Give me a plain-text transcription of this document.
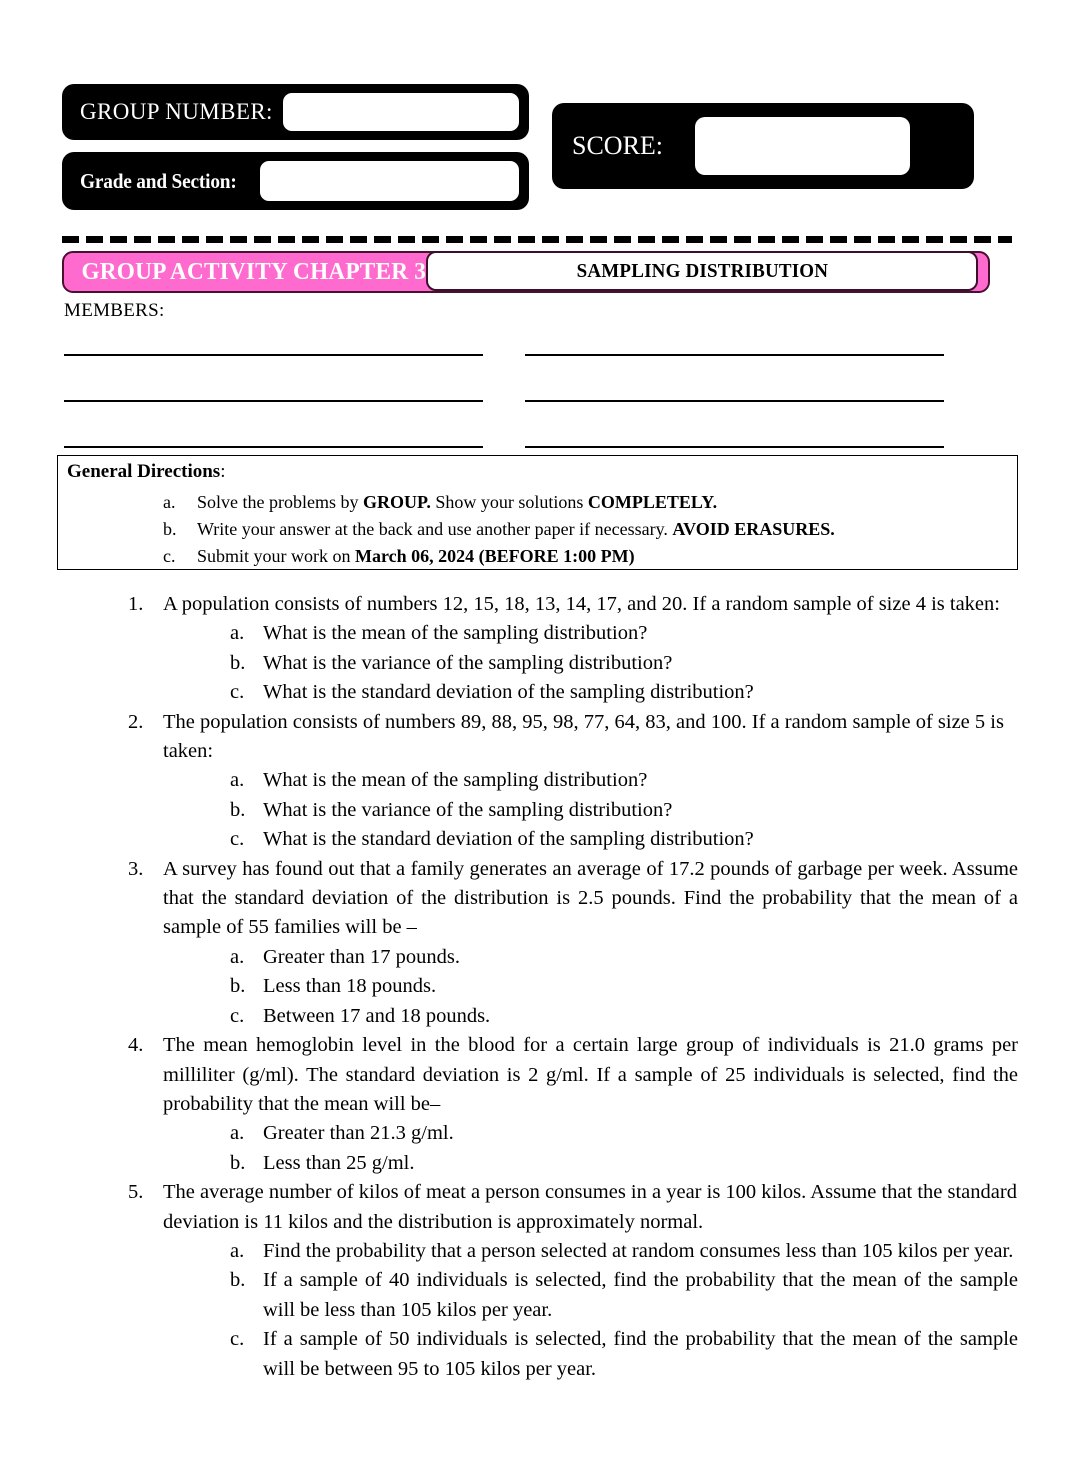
GROUP NUMBER:
Grade and Section:
SCORE:
GROUP ACTIVITY CHAPTER 3	SAMPLING DISTRIBUTION
MEMBERS:
General Directions:
a.	Solve the problems by GROUP. Show your solutions COMPLETELY.
b.	Write your answer at the back and use another paper if necessary. AVOID ERASURES.
c.	Submit your work on March 06, 2024 (BEFORE 1:00 PM)
1. A population consists of numbers 12, 15, 18, 13, 14, 17, and 20. If a random sample of size 4 is taken:
a. What is the mean of the sampling distribution?
b. What is the variance of the sampling distribution?
c. What is the standard deviation of the sampling distribution?
2. The population consists of numbers 89, 88, 95, 98, 77, 64, 83, and 100. If a random sample of size 5 is taken:
a. What is the mean of the sampling distribution?
b. What is the variance of the sampling distribution?
c. What is the standard deviation of the sampling distribution?
3. A survey has found out that a family generates an average of 17.2 pounds of garbage per week. Assume that the standard deviation of the distribution is 2.5 pounds. Find the probability that the mean of a sample of 55 families will be –
a. Greater than 17 pounds.
b. Less than 18 pounds.
c. Between 17 and 18 pounds.
4. The mean hemoglobin level in the blood for a certain large group of individuals is 21.0 grams per milliliter (g/ml). The standard deviation is 2 g/ml. If a sample of 25 individuals is selected, find the probability that the mean will be–
a. Greater than 21.3 g/ml.
b. Less than 25 g/ml.
5. The average number of kilos of meat a person consumes in a year is 100 kilos. Assume that the standard deviation is 11 kilos and the distribution is approximately normal.
a. Find the probability that a person selected at random consumes less than 105 kilos per year.
b. If a sample of 40 individuals is selected, find the probability that the mean of the sample will be less than 105 kilos per year.
c. If a sample of 50 individuals is selected, find the probability that the mean of the sample will be between 95 to 105 kilos per year.
